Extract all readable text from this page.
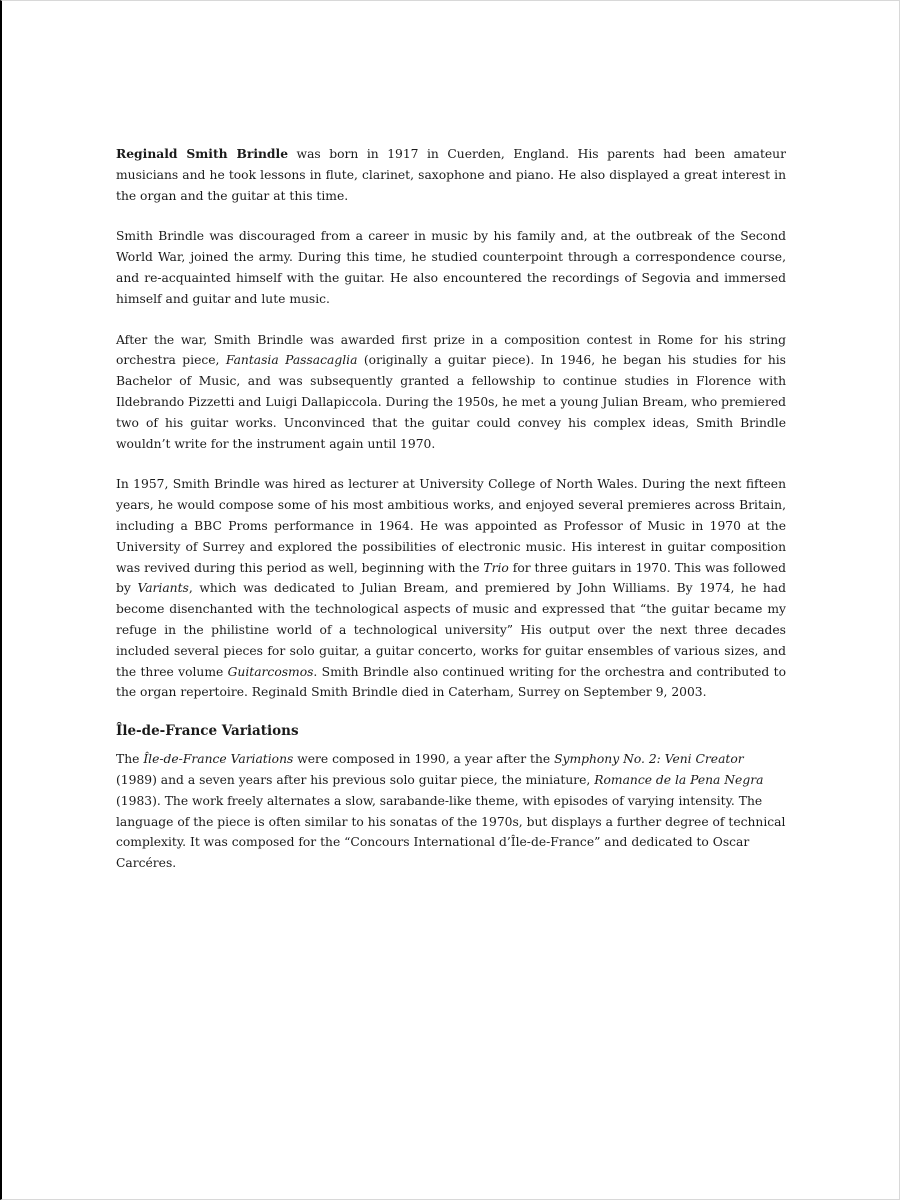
Reginald Smith Brindle was born in 1917 in Cuerden, England. His parents had been amateur musicians and he took lessons in flute, clarinet, saxophone and piano. He also displayed a great interest in the organ and the guitar at this time.

Smith Brindle was discouraged from a career in music by his family and, at the outbreak of the Second World War, joined the army. During this time, he studied counterpoint through a correspondence course, and re-acquainted himself with the guitar. He also encountered the recordings of Segovia and immersed himself and guitar and lute music.

After the war, Smith Brindle was awarded first prize in a composition contest in Rome for his string orchestra piece, Fantasia Passacaglia (originally a guitar piece). In 1946, he began his studies for his Bachelor of Music, and was subsequently granted a fellowship to continue studies in Florence with Ildebrando Pizzetti and Luigi Dallapiccola. During the 1950s, he met a young Julian Bream, who premiered two of his guitar works. Unconvinced that the guitar could convey his complex ideas, Smith Brindle wouldn’t write for the instrument again until 1970.

In 1957, Smith Brindle was hired as lecturer at University College of North Wales. During the next fifteen years, he would compose some of his most ambitious works, and enjoyed several premieres across Britain, including a BBC Proms performance in 1964. He was appointed as Professor of Music in 1970 at the University of Surrey and explored the possibilities of electronic music. His interest in guitar composition was revived during this period as well, beginning with the Trio for three guitars in 1970. This was followed by Variants, which was dedicated to Julian Bream, and premiered by John Williams. By 1974, he had become disenchanted with the technological aspects of music and expressed that “the guitar became my refuge in the philistine world of a technological university” His output over the next three decades included several pieces for solo guitar, a guitar concerto, works for guitar ensembles of various sizes, and the three volume Guitarcosmos. Smith Brindle also continued writing for the orchestra and contributed to the organ repertoire. Reginald Smith Brindle died in Caterham, Surrey on September 9, 2003.

Île-de-France Variations

The Île-de-France Variations were composed in 1990, a year after the Symphony No. 2: Veni Creator (1989) and a seven years after his previous solo guitar piece, the miniature, Romance de la Pena Negra (1983). The work freely alternates a slow, sarabande-like theme, with episodes of varying intensity. The language of the piece is often similar to his sonatas of the 1970s, but displays a further degree of technical complexity. It was composed for the “Concours International d’Île-de-France” and dedicated to Oscar Carcéres.
